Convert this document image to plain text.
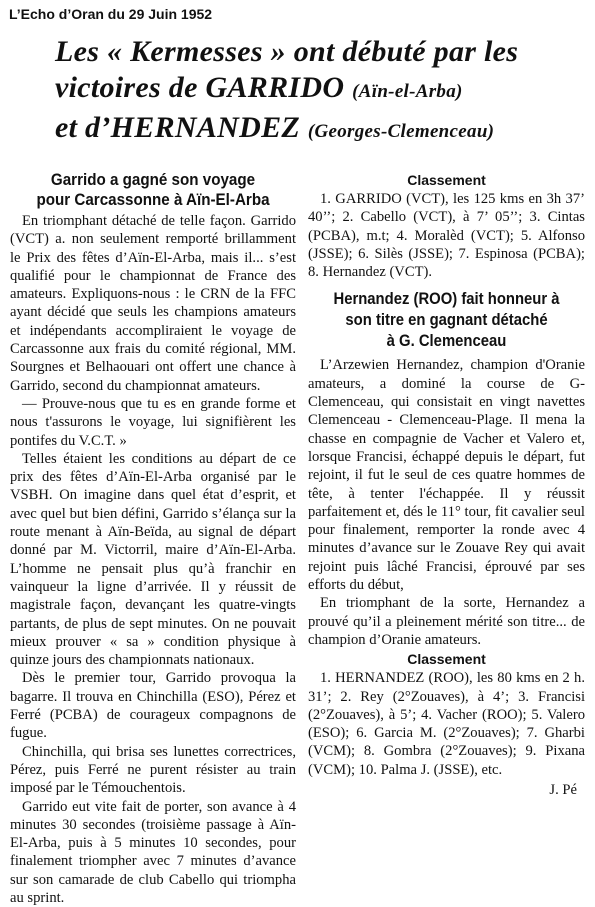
L’Echo d’Oran du 29 Juin 1952
Les « Kermesses » ont débuté par les
victoires de GARRIDO (Aïn-el-Arba)
et d’HERNANDEZ (Georges-Clemenceau)
Garrido a gagné son voyage
pour Carcassonne à Aïn-El-Arba

En triomphant détaché de telle façon. Garrido (VCT) a. non seulement remporté brillamment le Prix des fêtes d’Aïn-El-Arba, mais il... s’est qualifié pour le championnat de France des amateurs. Expliquons-nous : le CRN de la FFC ayant décidé que seuls les champions amateurs et indépendants accompliraient le voyage de Carcassonne aux frais du comité régional, MM. Sourgnes et Belhaouari ont offert une chance à Garrido, second du championnat amateurs.

— Prouve-nous que tu es en grande forme et nous t'assurons le voyage, lui signifièrent les pontifes du V.C.T. »

Telles étaient les conditions au départ de ce prix des fêtes d’Aïn-El-Arba organisé par le VSBH. On imagine dans quel état d’esprit, et avec quel but bien défini, Garrido s’élança sur la route menant à Aïn-Beïda, au signal de départ donné par M. Victorril, maire d’Aïn-El-Arba. L’homme ne pensait plus qu’à franchir en vainqueur la ligne d’arrivée. Il y réussit de magistrale façon, devançant les quatre-vingts partants, de plus de sept minutes. On ne pouvait mieux prouver « sa » condition physique à quinze jours des championnats nationaux.

Dès le premier tour, Garrido provoqua la bagarre. Il trouva en Chinchilla (ESO), Pérez et Ferré (PCBA) de courageux compagnons de fugue.

Chinchilla, qui brisa ses lunettes correctrices, Pérez, puis Ferré ne purent résister au train imposé par le Témouchentois.

Garrido eut vite fait de porter, son avance à 4 minutes 30 secondes (troisième passage à Aïn-El-Arba, puis à 5 minutes 10 secondes, pour finalement triompher avec 7 minutes d’avance sur son camarade de club Cabello qui triompha au sprint.

Classement

1. GARRIDO (VCT), les 125 kms en 3h 37’ 40’’; 2. Cabello (VCT), à 7’ 05’’; 3. Cintas (PCBA), m.t; 4. Moralèd (VCT); 5. Alfonso (JSSE); 6. Silès (JSSE); 7. Espinosa (PCBA); 8. Hernandez (VCT).

Hernandez (ROO) fait honneur à
son titre en gagnant détaché
à G. Clemenceau

L’Arzewien Hernandez, champion d'Oranie amateurs, a dominé la course de G-Clemenceau, qui consistait en vingt navettes Clemenceau - Clemenceau-Plage. Il mena la chasse en compagnie de Vacher et Valero et, lorsque Francisi, échappé depuis le départ, fut rejoint, il fut le seul de ces quatre hommes de tête, à tenter l'échappée. Il y réussit parfaitement et, dés le 11° tour, fit cavalier seul pour finalement, remporter la ronde avec 4 minutes d’avance sur le Zouave Rey qui avait rejoint puis lâché Francisi, éprouvé par ses efforts du début,

En triomphant de la sorte, Hernandez a prouvé qu’il a pleinement mérité son titre... de champion d’Oranie amateurs.

Classement

1. HERNANDEZ (ROO), les 80 kms en 2 h. 31’; 2. Rey (2°Zouaves), à 4’; 3. Francisi (2°Zouaves), à 5’; 4. Vacher (ROO); 5. Valero (ESO); 6. Garcia M. (2°Zouaves); 7. Gharbi (VCM); 8. Gombra (2°Zouaves); 9. Pixana (VCM); 10. Palma J. (JSSE), etc.

J. Pé
